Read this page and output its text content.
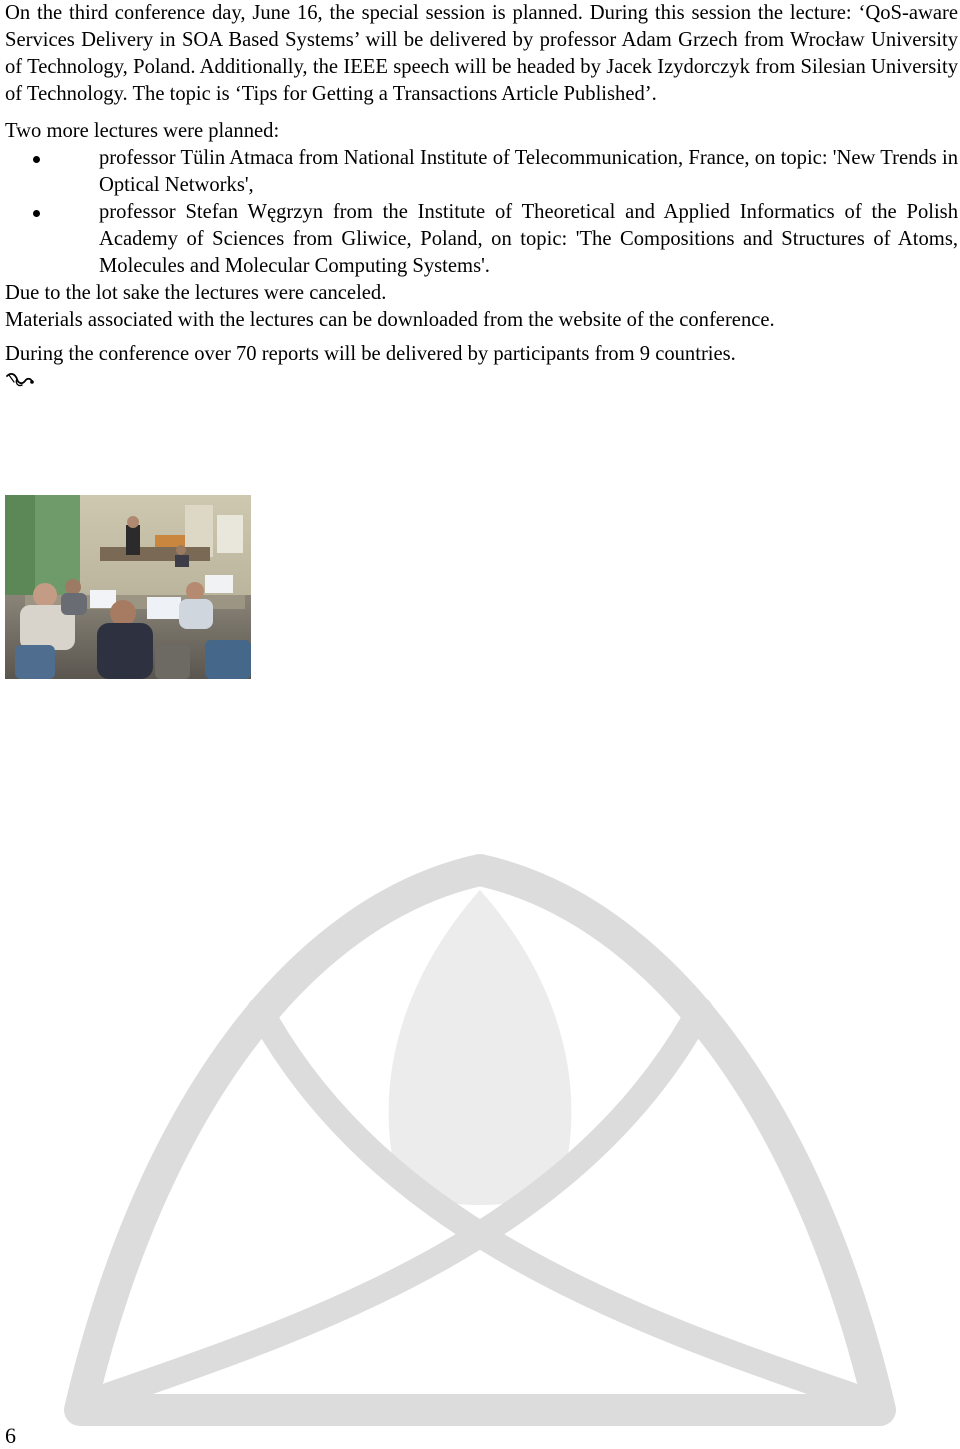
On the third conference day, June 16, the special session is planned. During this session the lecture: ‘QoS-aware Services Delivery in SOA Based Systems’ will be delivered by professor Adam Grzech from Wrocław University of Technology, Poland. Additionally, the IEEE speech will be headed by Jacek Izydorczyk from Silesian University of Technology. The topic is ‘Tips for Getting a Transactions Article Published’.

Two more lectures were planned:

professor Tülin Atmaca from National Institute of Telecommunication, France, on topic: 'New Trends in Optical Networks',
professor Stefan Węgrzyn from the Institute of Theoretical and Applied Informatics of the Polish Academy of Sciences from Gliwice, Poland, on topic: 'The Compositions and Structures of Atoms, Molecules and Molecular Computing Systems'.

Due to the lot sake the lectures were canceled.

Materials associated with the lectures can be downloaded from the website of the conference.

During the conference over 70 reports will be delivered by participants from 9 countries.

6
